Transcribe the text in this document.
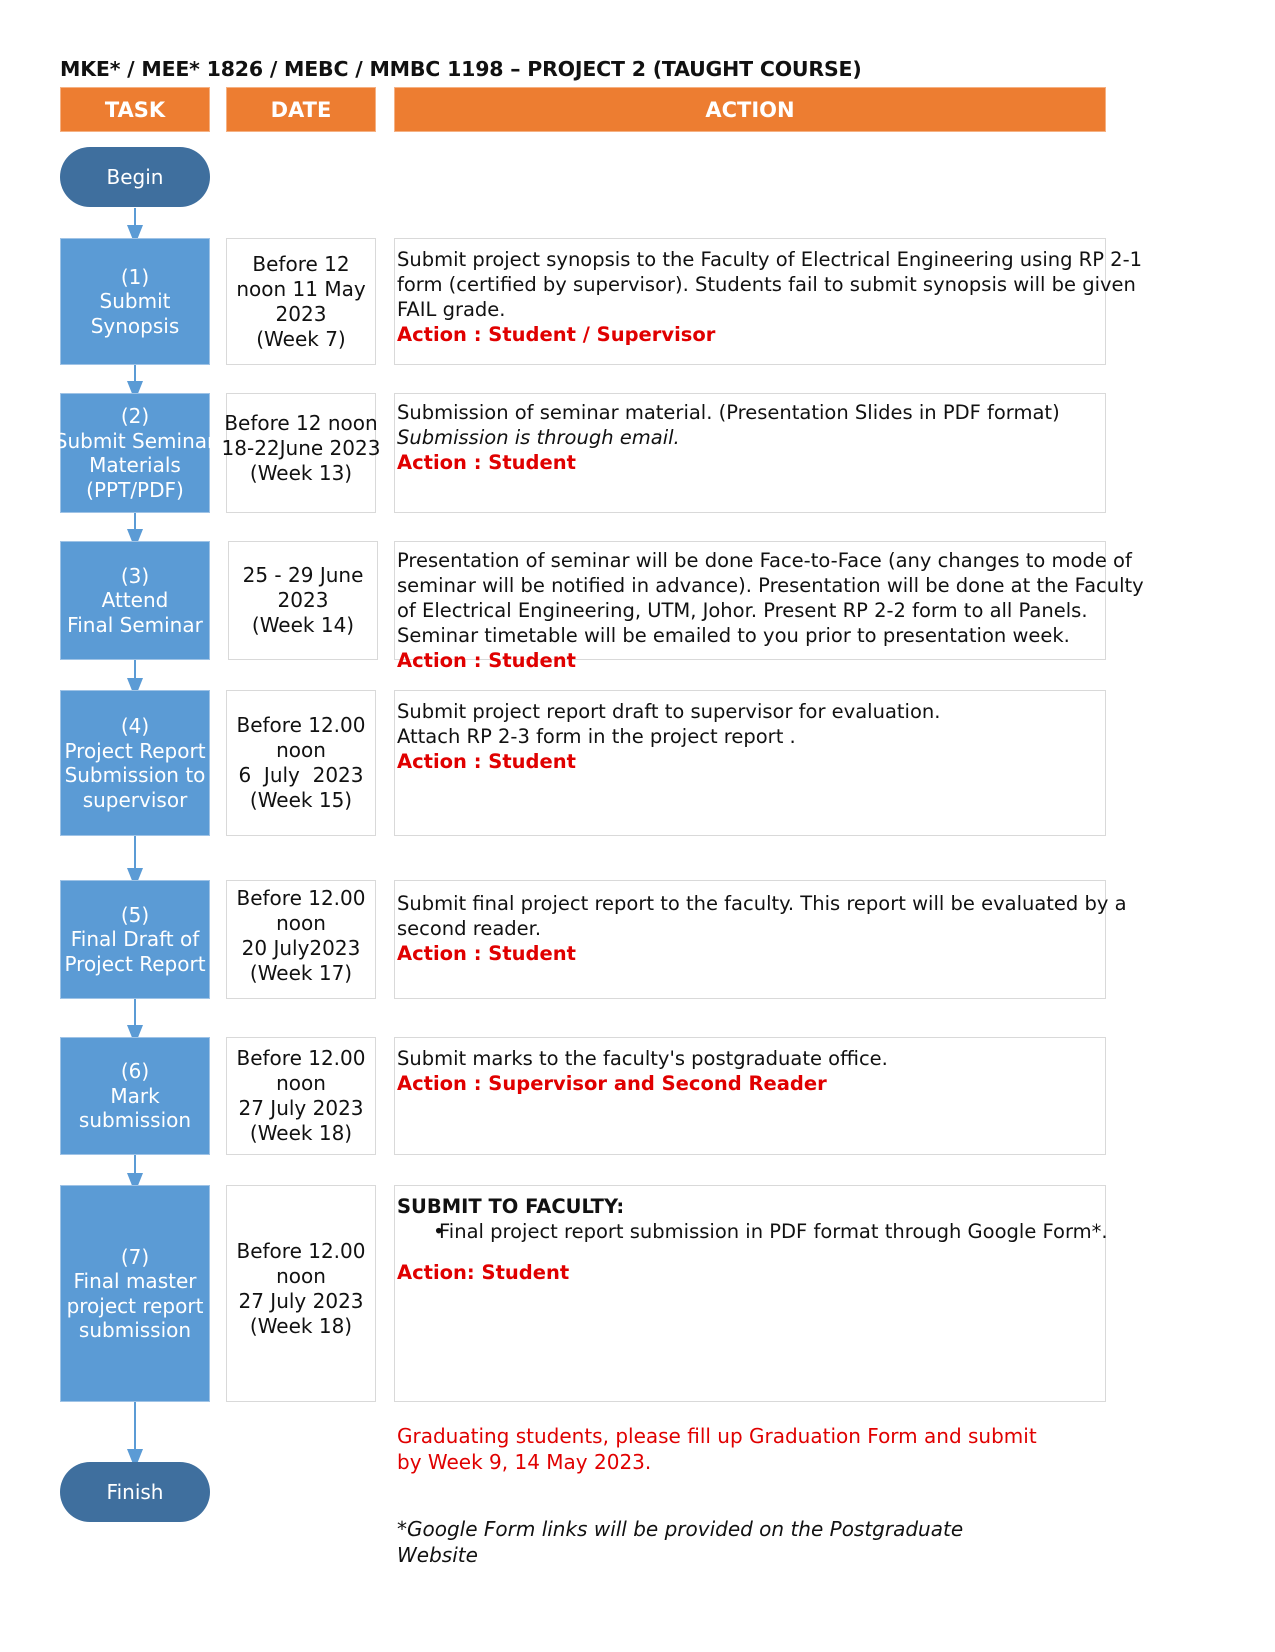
MKE* / MEE* 1826 / MEBC / MMBC 1198 – PROJECT 2 (TAUGHT COURSE)
TASK	DATE	ACTION
Begin
Finish
(1)
Submit
Synopsis
Before 12
noon 11 May
2023
(Week 7)
Submit project synopsis to the Faculty of Electrical Engineering using RP 2-1
form (certified by supervisor). Students fail to submit synopsis will be given
FAIL grade.
Action : Student / Supervisor
(2)
Submit Seminar
Materials
(PPT/PDF)
Before 12 noon
18-22June 2023
(Week 13)
Submission of seminar material. (Presentation Slides in PDF format)
Submission is through email.
Action : Student
(3)
Attend
Final Seminar
25 - 29 June
2023
(Week 14)
Presentation of seminar will be done Face-to-Face (any changes to mode of
seminar will be notified in advance). Presentation will be done at the Faculty
of Electrical Engineering, UTM, Johor. Present RP 2-2 form to all Panels.
Seminar timetable will be emailed to you prior to presentation week.
Action : Student
(4)
Project Report
Submission to
supervisor
Before 12.00
noon
6  July  2023
(Week 15)
Submit project report draft to supervisor for evaluation.
Attach RP 2-3 form in the project report .
Action : Student
(5)
Final Draft of
Project Report
Before 12.00
noon
20 July2023
(Week 17)
Submit final project report to the faculty. This report will be evaluated by a
second reader.
Action : Student
(6)
Mark
submission
Before 12.00
noon
27 July 2023
(Week 18)
Submit marks to the faculty's postgraduate office.
Action : Supervisor and Second Reader
(7)
Final master
project report
submission
Before 12.00
noon
27 July 2023
(Week 18)
SUBMIT TO FACULTY:
• Final project report submission in PDF format through Google Form*.
Action: Student
Graduating students, please fill up Graduation Form and submit
by Week 9, 14 May 2023.
*Google Form links will be provided on the Postgraduate
Website
